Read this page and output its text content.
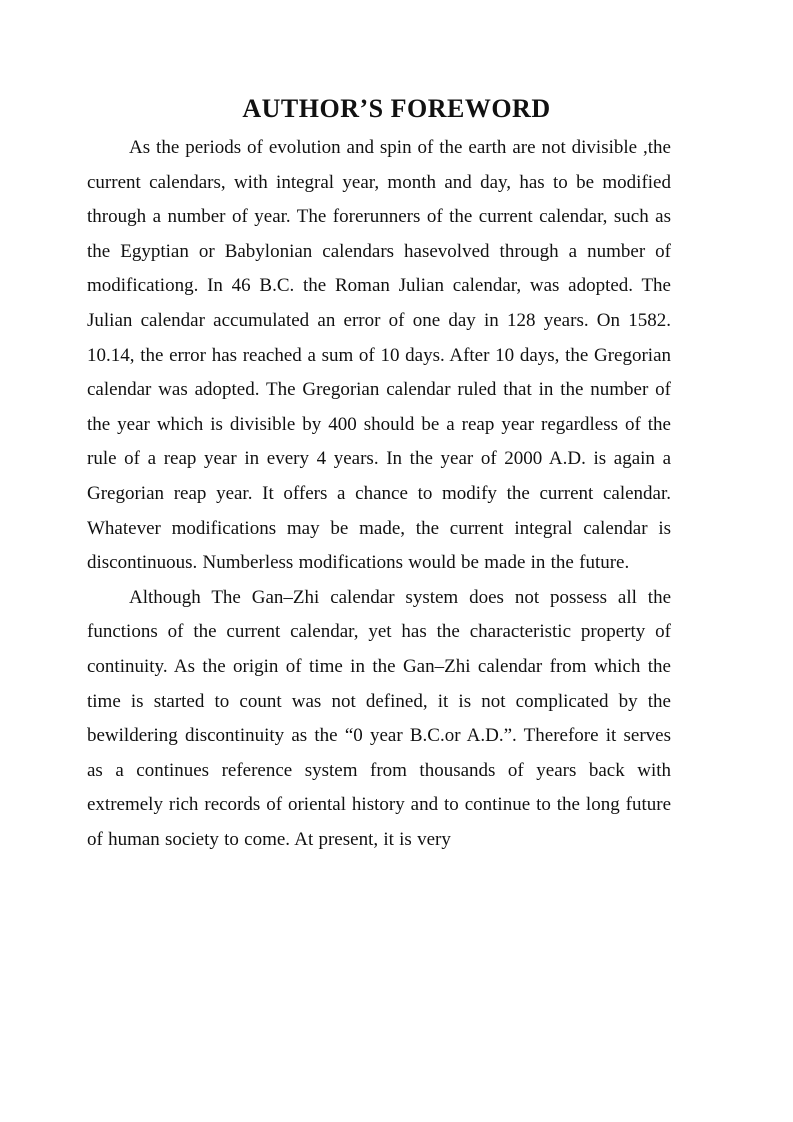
AUTHOR’S FOREWORD

As the periods of evolution and spin of the earth are not divisible ,the current calendars, with integral year, month and day, has to be modified through a number of year. The forerunners of the current calendar, such as the Egyptian or Babylonian calendars hasevolved through a number of modificationg. In 46 B.C. the Roman Julian calendar, was adopted. The Julian calendar accumulated an error of one day in 128 years. On 1582. 10.14, the error has reached a sum of 10 days. After 10 days, the Gregorian calendar was adopted. The Gregorian calendar ruled that in the number of the year which is divisible by 400 should be a reap year regardless of the rule of a reap year in every 4 years. In the year of 2000 A.D. is again a Gregorian reap year. It offers a chance to modify the current calendar. Whatever modifications may be made, the current integral calendar is discontinuous. Numberless modifications would be made in the future.

Although The Gan–Zhi calendar system does not possess all the functions of the current calendar, yet has the characteristic property of continuity. As the origin of time in the Gan–Zhi calendar from which the time is started to count was not defined, it is not complicated by the bewildering discontinuity as the “0 year B.C.or A.D.”. Therefore it serves as a continues reference system from thousands of years back with extremely rich records of oriental history and to continue to the long future of human society to come. At present, it is very
